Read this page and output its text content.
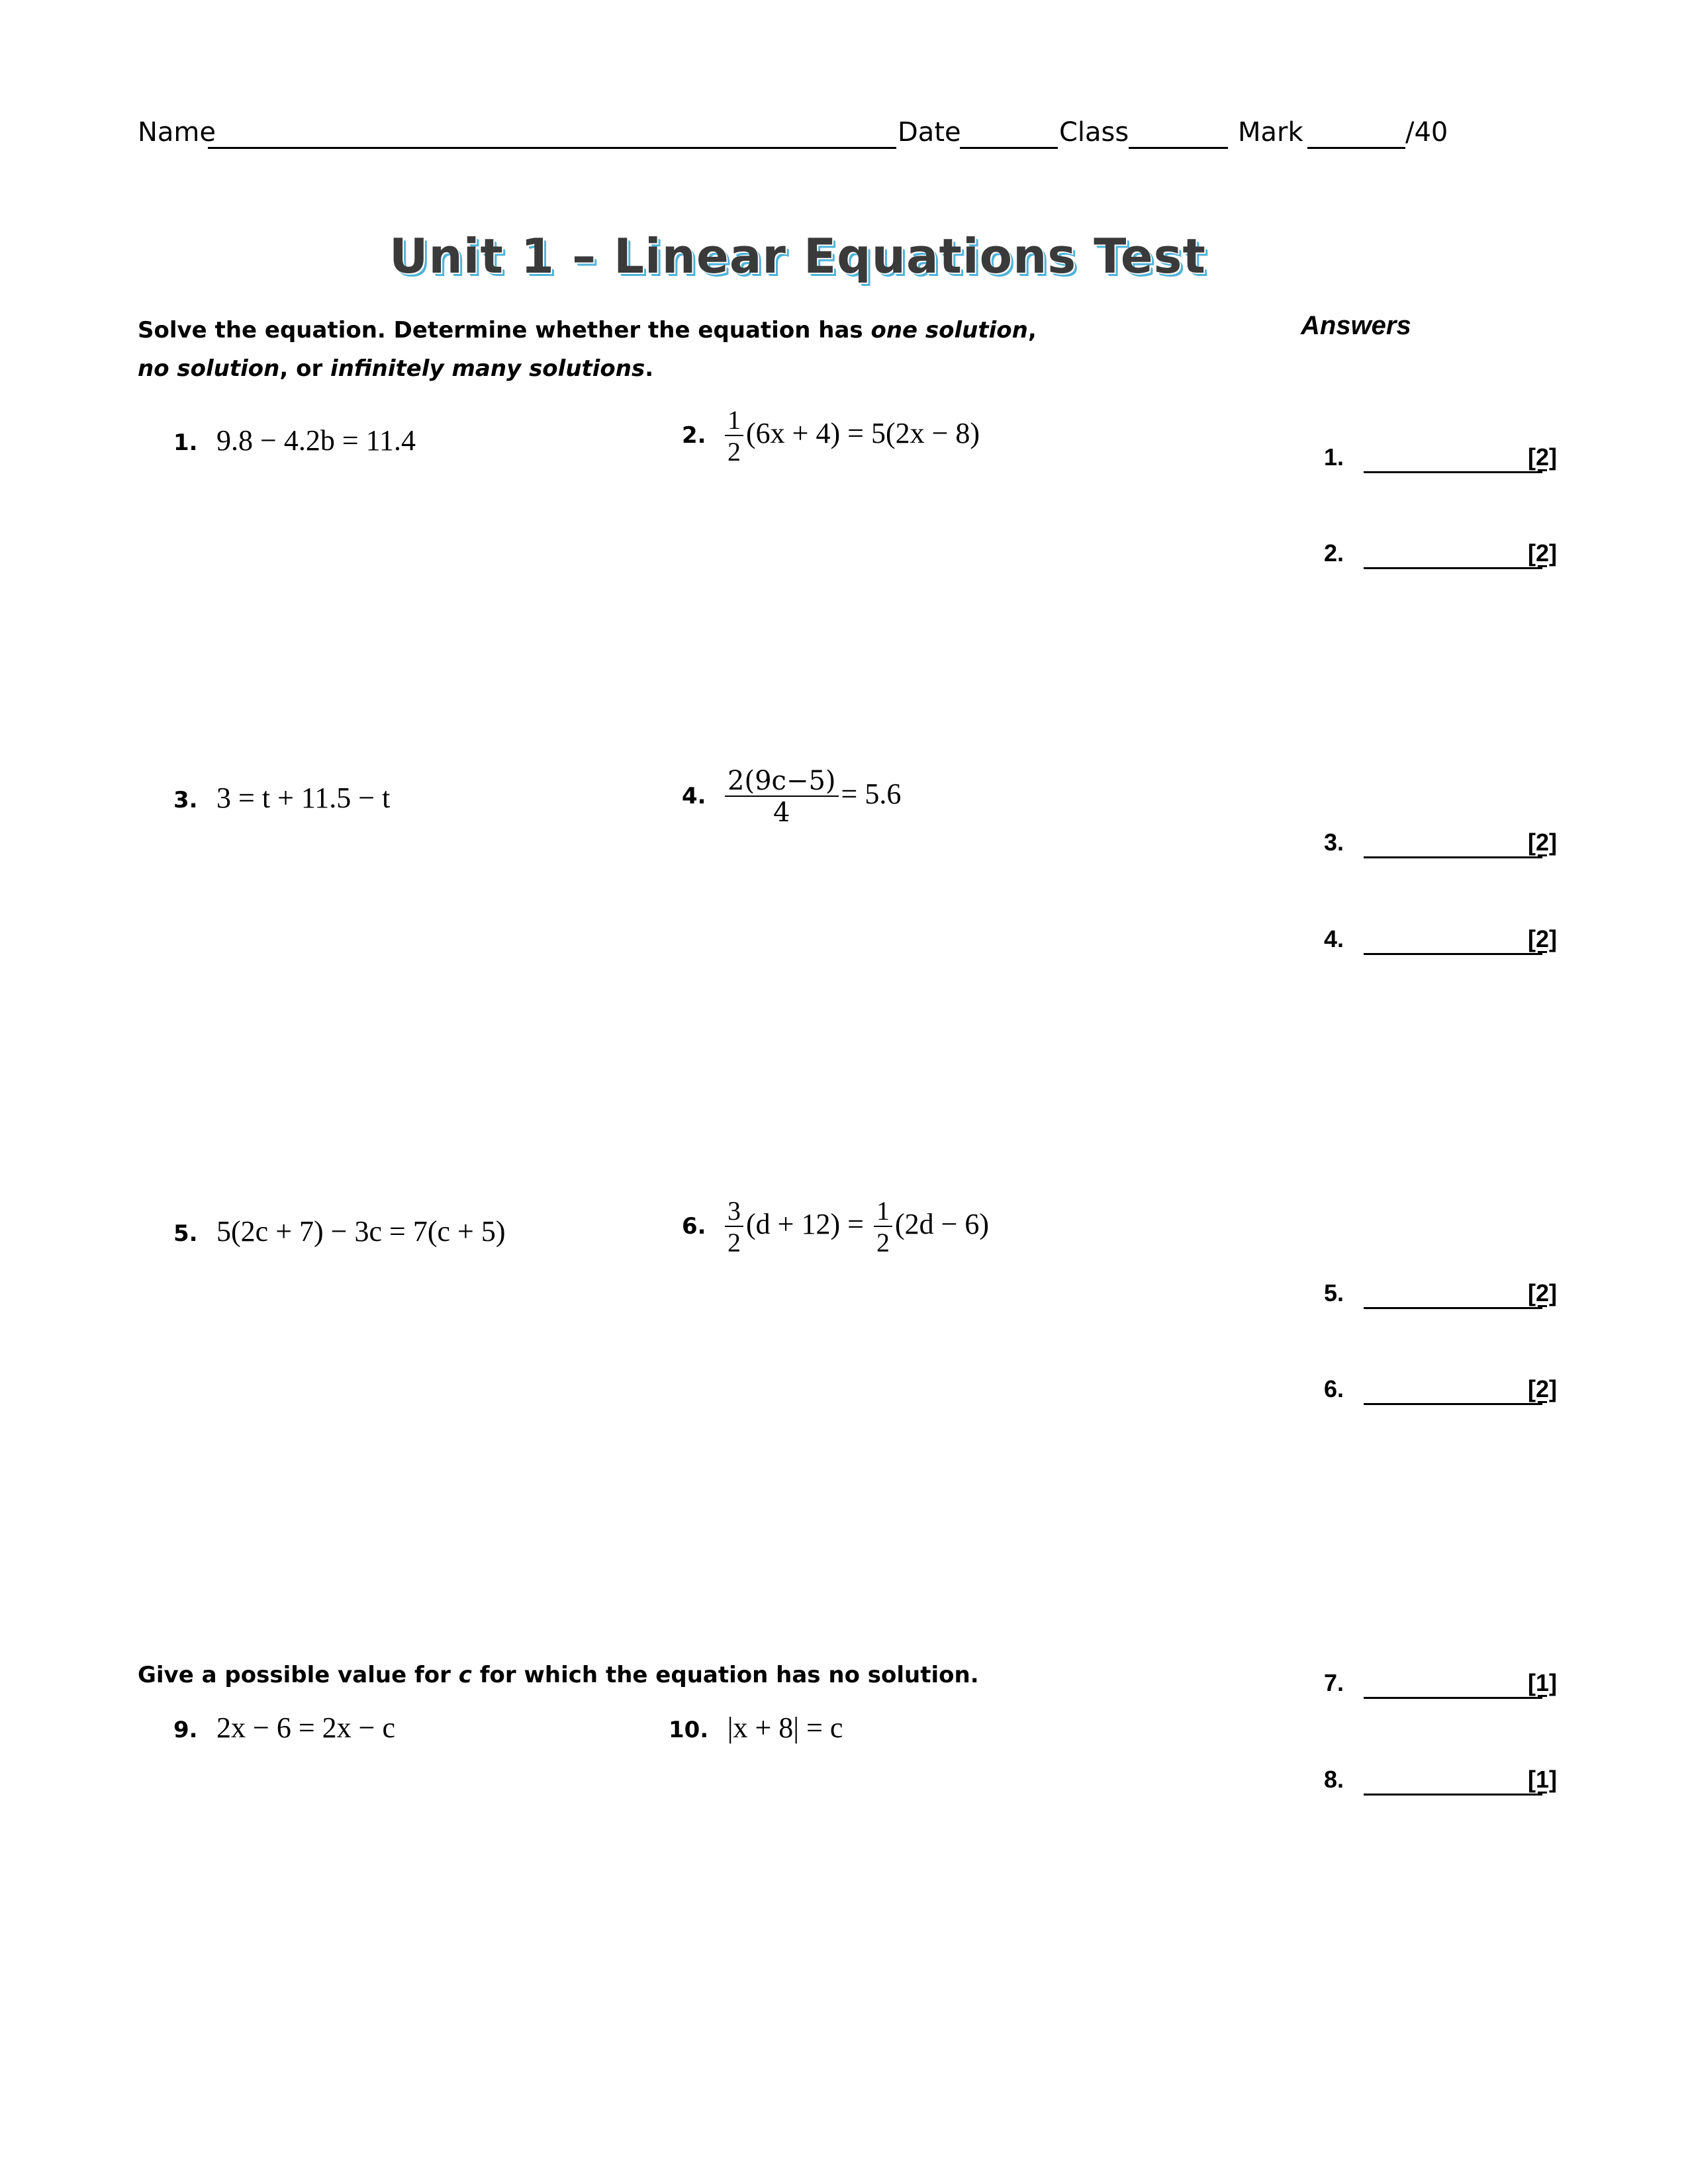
Name	Date	Class	Mark	/40
Unit 1 – Linear Equations Test
Solve the equation. Determine whether the equation has one solution,
no solution, or infinitely many solutions.
Answers
1. 9.8 − 4.2b = 11.4	2. $\frac{1}{2} (6x + 4) = 5(2x - 8)$
3. 3 = t + 11.5 − t	4. $\frac{2(9c-5)}{4} = 5.6$
5. 5(2c + 7) − 3c = 7(c + 5)	6. $\frac{3}{2} (d + 12) = \frac{1}{2} (2d - 6)$
Give a possible value for c for which the equation has no solution.
9. 2x − 6 = 2x − c	10. |x + 8| = c
1.	[2]
2.	[2]
3.	[2]
4.	[2]
5.	[2]
6.	[2]
7.	[1]
8.	[1]
